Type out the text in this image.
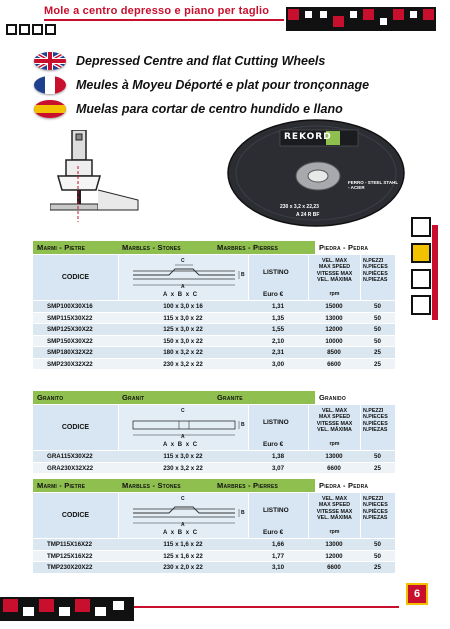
Mole a centro depresso e piano per taglio
Depressed Centre and flat Cutting Wheels
Meules à Moyeu Déporté e plat pour tronçonnage
Muelas para cortar de centro hundido e llano
REKORD
FERRO - STEEL STAHL - ACIER
230 x 3,2 x 22,23
A 24 R BF
Marmi - Pietre	Marbles - Stones	Marbres - Pierres	Piedra - Pedra
CODICE
C
B
A
A x B x C
LISTINO
Euro €
VEL. MAX
MAX SPEED
VITESSE MAX
VEL. MÁXIMA
rpm
N.PEZZI
N.PIECES
N.PIÈCES
N.PIEZAS
SMP100X30X16	100 x 3,0 x 16	1,31	15000	50
SMP115X30X22	115 x 3,0 x 22	1,35	13000	50
SMP125X30X22	125 x 3,0 x 22	1,55	12000	50
SMP150X30X22	150 x 3,0 x 22	2,10	10000	50
SMP180X32X22	180 x 3,2 x 22	2,31	8500	25
SMP230X32X22	230 x 3,2 x 22	3,00	6600	25
Granito	Granit	Granite	Granido
CODICE
C
B
A
A x B x C
LISTINO
Euro €
VEL. MAX
MAX SPEED
VITESSE MAX
VEL. MÁXIMA
rpm
N.PEZZI
N.PIECES
N.PIÈCES
N.PIEZAS
GRA115X30X22	115 x 3,0 x 22	1,38	13000	50
GRA230X32X22	230 x 3,2 x 22	3,07	6600	25
Marmi - Pietre	Marbles - Stones	Marbres - Pierres	Piedra - Pedra
CODICE
C
B
A
A x B x C
LISTINO
Euro €
VEL. MAX
MAX SPEED
VITESSE MAX
VEL. MÁXIMA
rpm
N.PEZZI
N.PIECES
N.PIÈCES
N.PIEZAS
TMP115X16X22	115 x 1,6 x 22	1,66	13000	50
TMP125X16X22	125 x 1,6 x 22	1,77	12000	50
TMP230X20X22	230 x 2,0 x 22	3,10	6600	25
6
